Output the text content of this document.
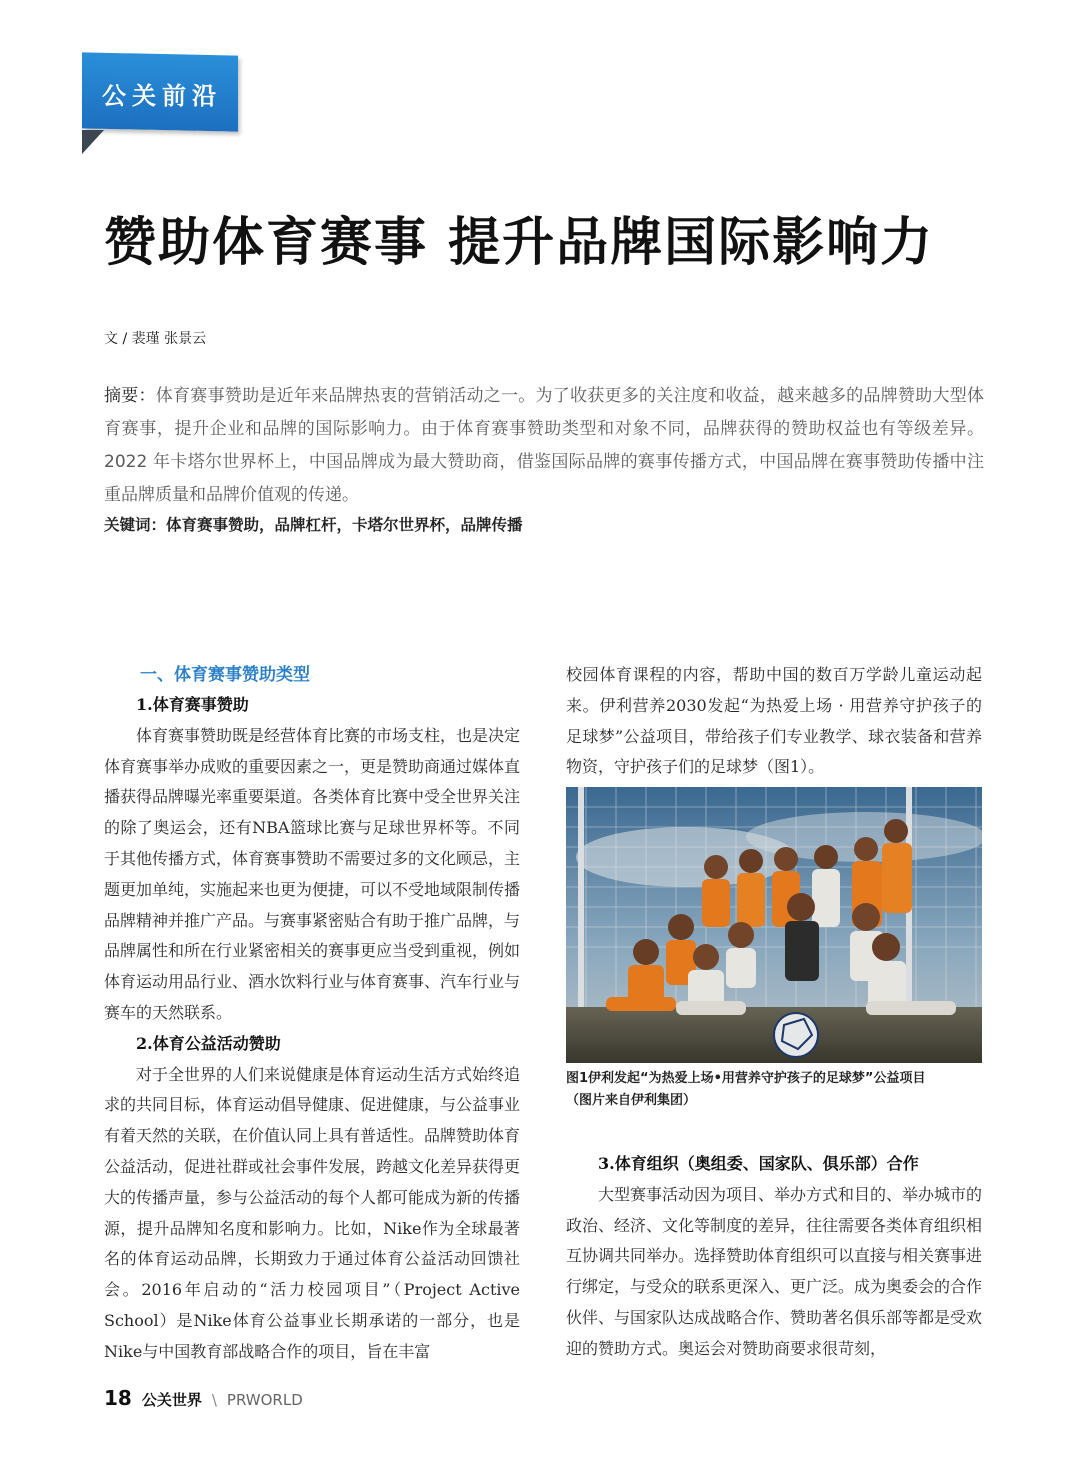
公关前沿
赞助体育赛事 提升品牌国际影响力
文 / 裴瑾 张景云
摘要：体育赛事赞助是近年来品牌热衷的营销活动之一。为了收获更多的关注度和收益，越来越多的品牌赞助大型体育赛事，提升企业和品牌的国际影响力。由于体育赛事赞助类型和对象不同，品牌获得的赞助权益也有等级差异。2022 年卡塔尔世界杯上，中国品牌成为最大赞助商，借鉴国际品牌的赛事传播方式，中国品牌在赛事赞助传播中注重品牌质量和品牌价值观的传递。
关键词：体育赛事赞助，品牌杠杆，卡塔尔世界杯，品牌传播
一、体育赛事赞助类型
1.体育赛事赞助

体育赛事赞助既是经营体育比赛的市场支柱，也是决定体育赛事举办成败的重要因素之一，更是赞助商通过媒体直播获得品牌曝光率重要渠道。各类体育比赛中受全世界关注的除了奥运会，还有NBA篮球比赛与足球世界杯等。不同于其他传播方式，体育赛事赞助不需要过多的文化顾忌，主题更加单纯，实施起来也更为便捷，可以不受地域限制传播品牌精神并推广产品。与赛事紧密贴合有助于推广品牌，与品牌属性和所在行业紧密相关的赛事更应当受到重视，例如体育运动用品行业、酒水饮料行业与体育赛事、汽车行业与赛车的天然联系。

2.体育公益活动赞助

对于全世界的人们来说健康是体育运动生活方式始终追求的共同目标，体育运动倡导健康、促进健康，与公益事业有着天然的关联，在价值认同上具有普适性。品牌赞助体育公益活动，促进社群或社会事件发展，跨越文化差异获得更大的传播声量，参与公益活动的每个人都可能成为新的传播源，提升品牌知名度和影响力。比如，Nike作为全球最著名的体育运动品牌，长期致力于通过体育公益活动回馈社会。2016年启动的“活力校园项目”（Project Active School）是Nike体育公益事业长期承诺的一部分，也是Nike与中国教育部战略合作的项目，旨在丰富

校园体育课程的内容，帮助中国的数百万学龄儿童运动起来。伊利营养2030发起“为热爱上场 · 用营养守护孩子的足球梦”公益项目，带给孩子们专业教学、球衣装备和营养物资，守护孩子们的足球梦（图1）。

图1伊利发起“为热爱上场•用营养守护孩子的足球梦”公益项目
（图片来自伊利集团）
3.体育组织（奥组委、国家队、俱乐部）合作

大型赛事活动因为项目、举办方式和目的、举办城市的政治、经济、文化等制度的差异，往往需要各类体育组织相互协调共同举办。选择赞助体育组织可以直接与相关赛事进行绑定，与受众的联系更深入、更广泛。成为奥委会的合作伙伴、与国家队达成战略合作、赞助著名俱乐部等都是受欢迎的赞助方式。奥运会对赞助商要求很苛刻，

18 公关世界 \ PRWORLD
